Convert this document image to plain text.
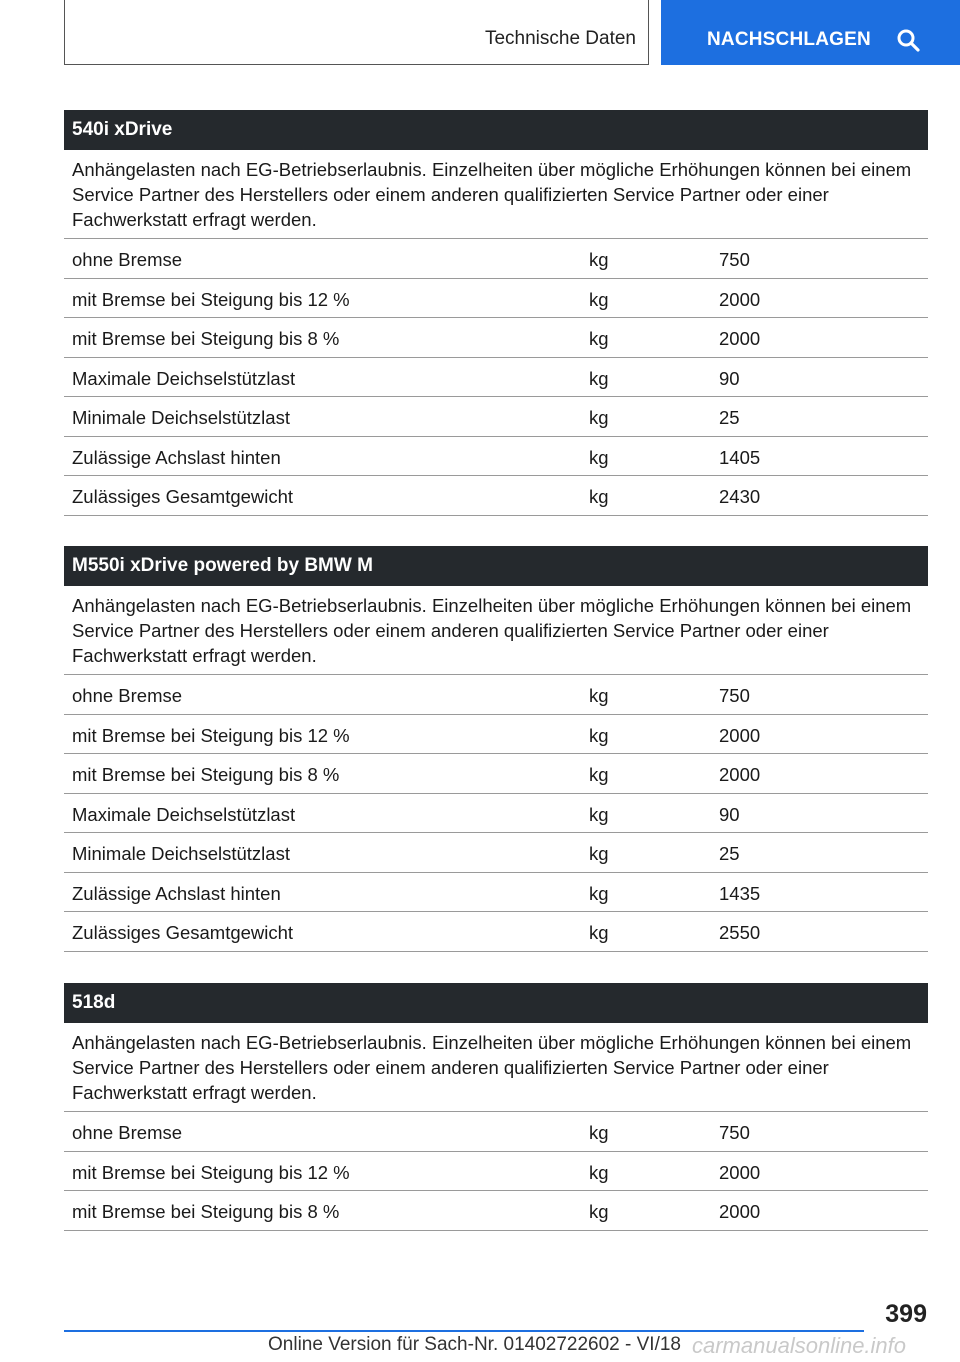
Technische Daten	NACHSCHLAGEN
540i xDrive
Anhängelasten nach EG-Betriebserlaubnis. Einzelheiten über mögliche Erhöhungen können bei einem Service Partner des Herstellers oder einem anderen qualifizierten Service Partner oder einer Fachwerkstatt erfragt werden.
ohne Bremse	kg	750
mit Bremse bei Steigung bis 12 %	kg	2000
mit Bremse bei Steigung bis 8 %	kg	2000
Maximale Deichselstützlast	kg	90
Minimale Deichselstützlast	kg	25
Zulässige Achslast hinten	kg	1405
Zulässiges Gesamtgewicht	kg	2430
M550i xDrive powered by BMW M
Anhängelasten nach EG-Betriebserlaubnis. Einzelheiten über mögliche Erhöhungen können bei einem Service Partner des Herstellers oder einem anderen qualifizierten Service Partner oder einer Fachwerkstatt erfragt werden.
ohne Bremse	kg	750
mit Bremse bei Steigung bis 12 %	kg	2000
mit Bremse bei Steigung bis 8 %	kg	2000
Maximale Deichselstützlast	kg	90
Minimale Deichselstützlast	kg	25
Zulässige Achslast hinten	kg	1435
Zulässiges Gesamtgewicht	kg	2550
518d
Anhängelasten nach EG-Betriebserlaubnis. Einzelheiten über mögliche Erhöhungen können bei einem Service Partner des Herstellers oder einem anderen qualifizierten Service Partner oder einer Fachwerkstatt erfragt werden.
ohne Bremse	kg	750
mit Bremse bei Steigung bis 12 %	kg	2000
mit Bremse bei Steigung bis 8 %	kg	2000
399
Online Version für Sach-Nr. 01402722602 - VI/18 carmanualsonline.info
